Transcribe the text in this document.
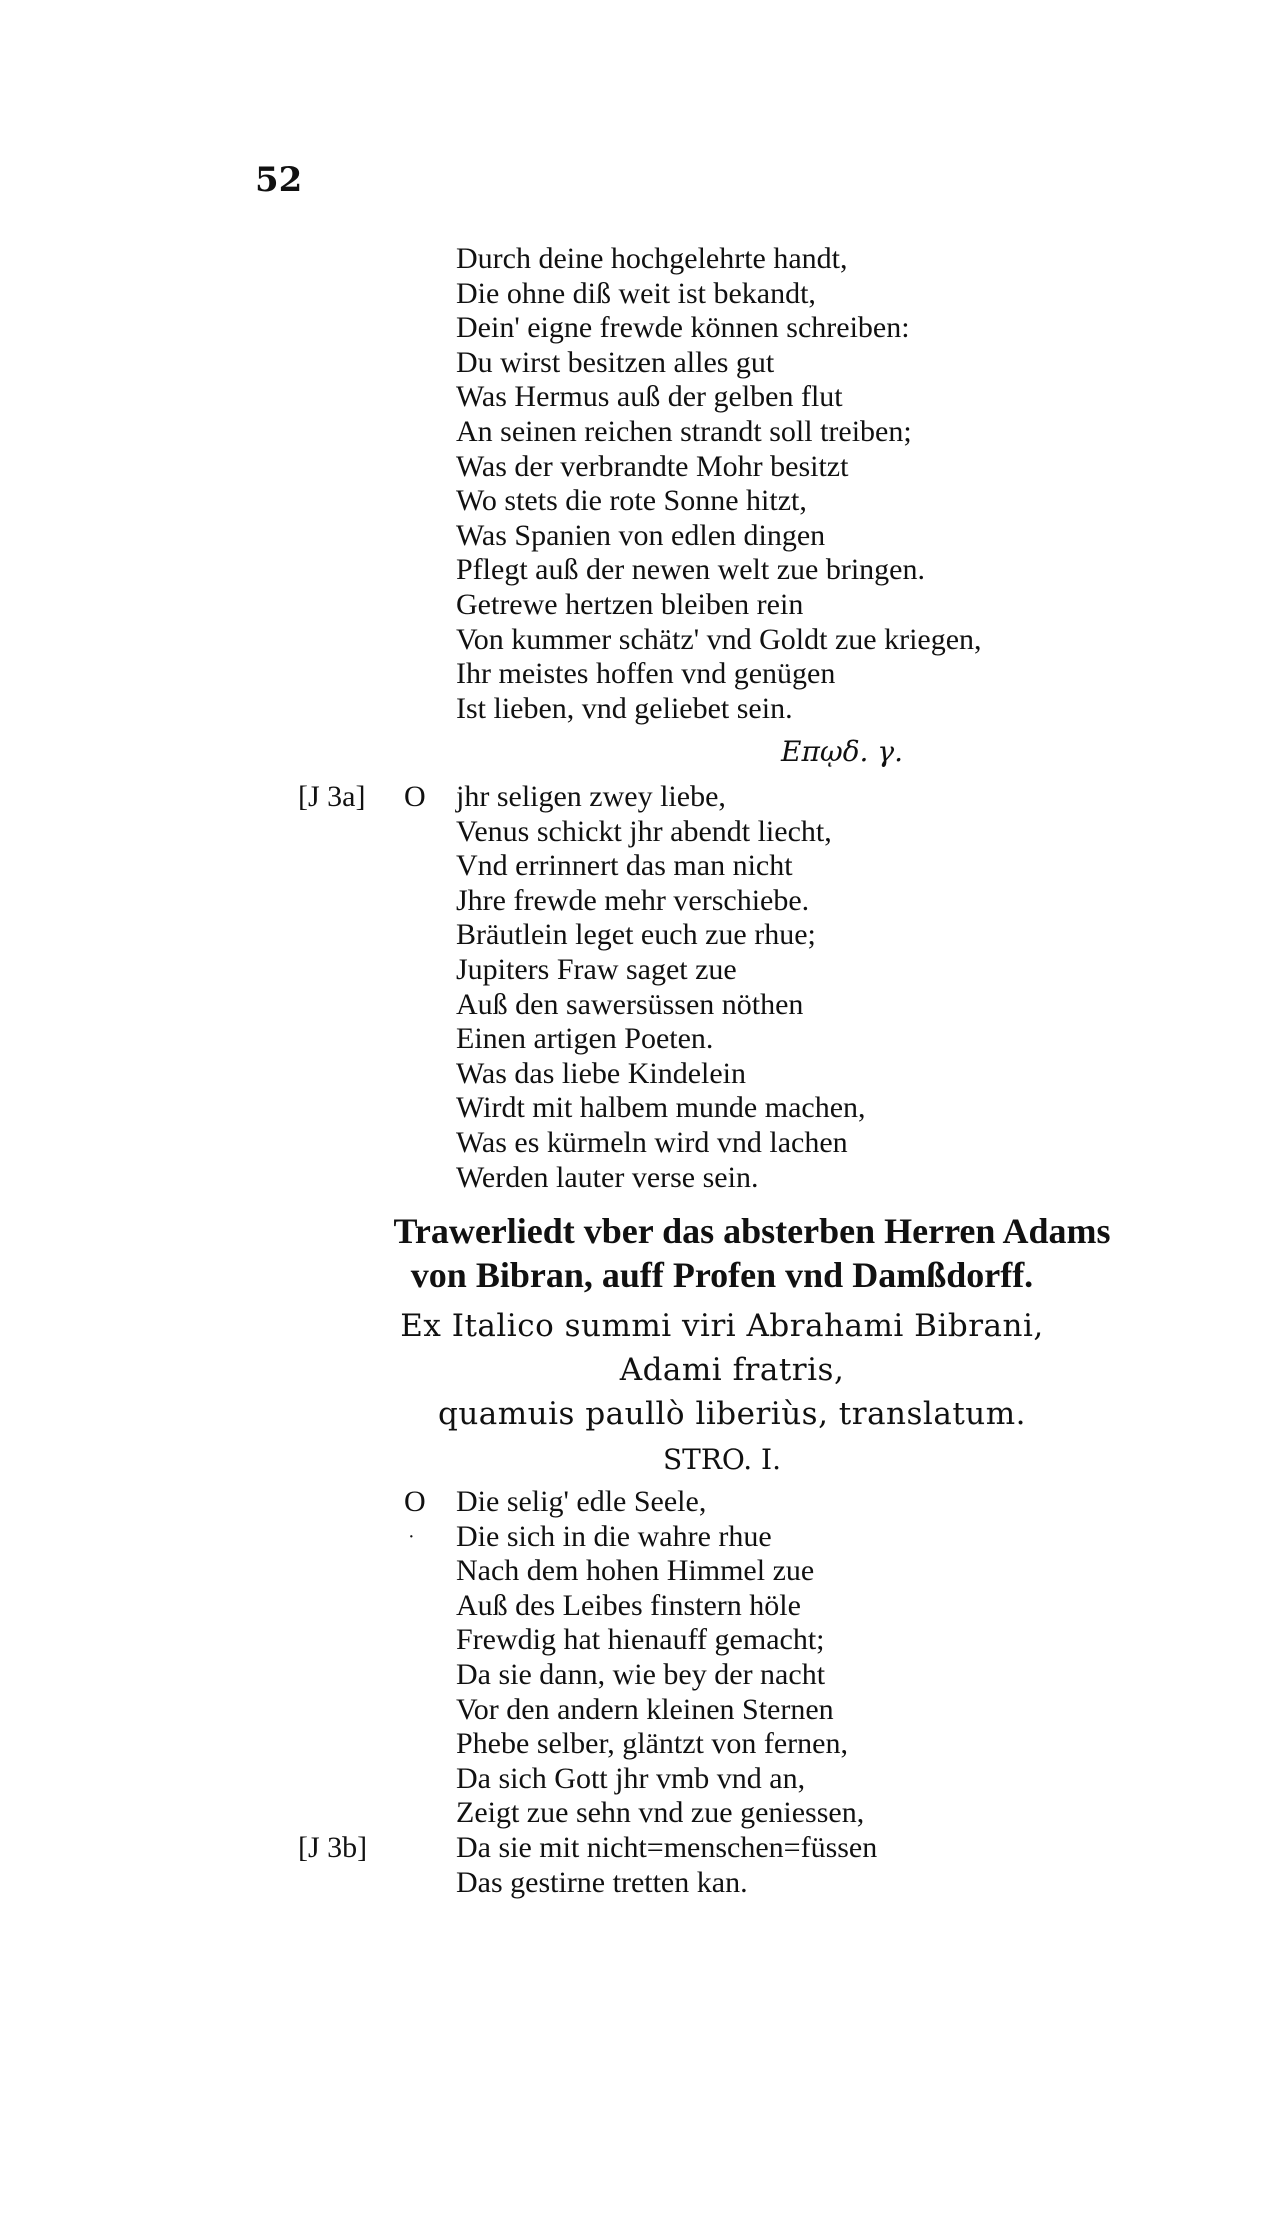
52
Durch deine hochgelehrte handt,
Die ohne diß weit ist bekandt,
Dein' eigne frewde können schreiben:
Du wirst besitzen alles gut
Was Hermus auß der gelben flut
An seinen reichen strandt soll treiben;
Was der verbrandte Mohr besitzt
Wo stets die rote Sonne hitzt,
Was Spanien von edlen dingen
Pflegt auß der newen welt zue bringen.
Getrewe hertzen bleiben rein
Von kummer schätz' vnd Goldt zue kriegen,
Ihr meistes hoffen vnd genügen
Ist lieben, vnd geliebet sein.
Επῳδ. γ.
[J 3a] O jhr seligen zwey liebe,
Venus schickt jhr abendt liecht,
Vnd errinnert das man nicht
Jhre frewde mehr verschiebe.
Bräutlein leget euch zue rhue;
Jupiters Fraw saget zue
Auß den sawersüssen nöthen
Einen artigen Poeten.
Was das liebe Kindelein
Wirdt mit halbem munde machen,
Was es kürmeln wird vnd lachen
Werden lauter verse sein.
Trawerliedt vber das absterben Herren Adams
von Bibran, auff Profen vnd Damßdorff.
Ex Italico summi viri Abrahami Bibrani,
Adami fratris,
quamuis paullò liberiùs, translatum.
STRO. I.
O Die selig' edle Seele,
· Die sich in die wahre rhue
Nach dem hohen Himmel zue
Auß des Leibes finstern höle
Frewdig hat hienauff gemacht;
Da sie dann, wie bey der nacht
Vor den andern kleinen Sternen
Phebe selber, gläntzt von fernen,
Da sich Gott jhr vmb vnd an,
Zeigt zue sehn vnd zue geniessen,
[J 3b]	Da sie mit nicht=menschen=füssen
Das gestirne tretten kan.
